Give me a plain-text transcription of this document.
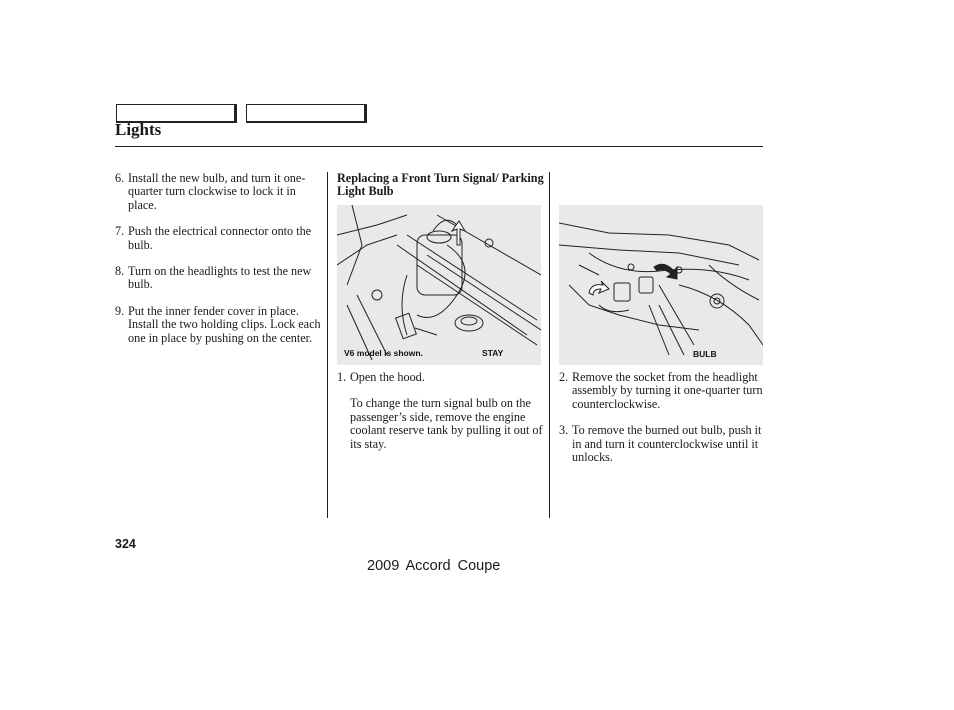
Lights
6. Install the new bulb, and turn it one-quarter turn clockwise to lock it in place.
7. Push the electrical connector onto the bulb.
8. Turn on the headlights to test the new bulb.
9. Put the inner fender cover in place. Install the two holding clips. Lock each one in place by pushing on the center.
Replacing a Front Turn Signal/ Parking Light Bulb
V6 model is shown.	STAY	BULB
1. Open the hood.
To change the turn signal bulb on the passenger’s side, remove the engine coolant reserve tank by pulling it out of its stay.
2. Remove the socket from the headlight assembly by turning it one-quarter turn counterclockwise.
3. To remove the burned out bulb, push it in and turn it counterclockwise until it unlocks.
324
2009 Accord Coupe
